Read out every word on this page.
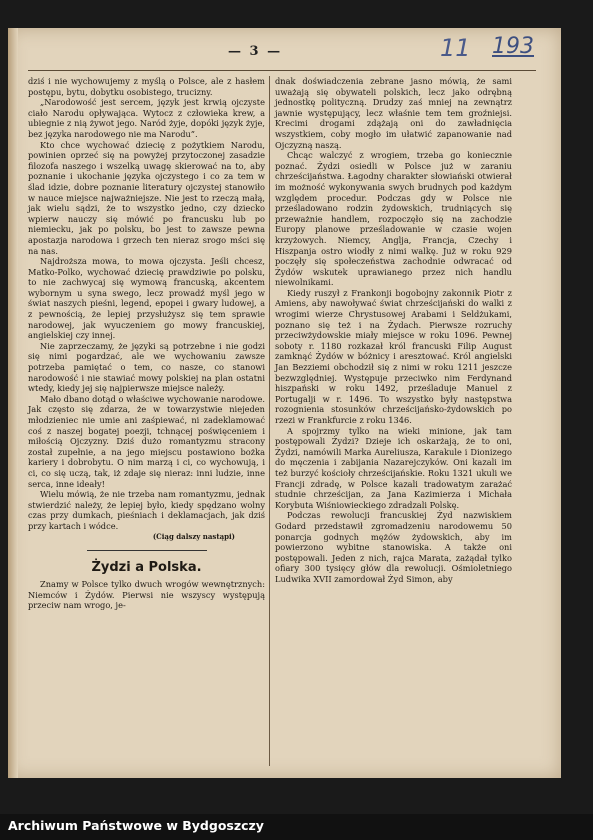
— 3 —	11 193

dziś i nie wychowujemy z myślą o Polsce, ale z hasłem postępu, bytu, dobytku osobistego, trucizny.

„Narodowość jest sercem, język jest krwią ojczyste ciało Narodu opływająca. Wytocz z człowieka krew, a ubiegnie z nią żywot jego. Naród żyje, dopóki język żyje, bez języka narodowego nie ma Narodu”.

Kto chce wychować dziecię z pożytkiem Narodu, powinien oprzeć się na powyżej przytoczonej zasadzie filozofa naszego i wszelką uwagę skierować na to, aby poznanie i ukochanie języka ojczystego i co za tem w ślad idzie, dobre poznanie literatury ojczystej stanowiło w nauce miejsce najważniejsze. Nie jest to rzeczą małą, jak wielu sądzi, że to wszystko jedno, czy dziecko wpierw nauczy się mówić po francusku lub po niemiecku, jak po polsku, bo jest to zawsze pewna apostazja narodowa i grzech ten nieraz srogo mści się na nas.

Najdroższa mowa, to mowa ojczysta. Jeśli chcesz, Matko-Polko, wychować dziecię prawdziwie po polsku, to nie zachwycaj się wymową francuską, akcentem wybornym u syna swego, lecz prowadź myśl jego w świat naszych pieśni, legend, epopei i gwary ludowej, a z pewnością, że lepiej przysłużysz się tem sprawie narodowej, jak wyuczeniem go mowy francuskiej, angielskiej czy innej.

Nie zaprzeczamy, że języki są potrzebne i nie godzi się nimi pogardzać, ale we wychowaniu zawsze potrzeba pamiętać o tem, co nasze, co stanowi narodowość i nie stawiać mowy polskiej na plan ostatni wtedy, kiedy jej się najpierwsze miejsce należy.

Mało dbano dotąd o właściwe wychowanie narodowe. Jak często się zdarza, że w towarzystwie niejeden młodzieniec nie umie ani zaśpiewać, ni zadeklamować coś z naszej bogatej poezji, tchnącej poświęceniem i miłością Ojczyzny. Dziś dużo romantyzmu stracony został zupełnie, a na jego miejscu postawiono bożka kariery i dobrobytu. O nim marzą i ci, co wychowują, i ci, co się uczą, tak, iż zdaje się nieraz: inni ludzie, inne serca, inne ideały!

Wielu mówią, że nie trzeba nam romantyzmu, jednak stwierdzić należy, że lepiej było, kiedy spędzano wolny czas przy dumkach, pieśniach i deklamacjach, jak dziś przy kartach i wódce.

(Ciąg dalszy nastąpi)
Żydzi a Polska.

Znamy w Polsce tylko dwuch wrogów wewnętrznych: Niemców i Żydów. Pierwsi nie wszyscy występują przeciw nam wrogo, je-

dnak doświadczenia zebrane jasno mówią, że sami uważają się obywateli polskich, lecz jako odrębną jednostkę polityczną. Drudzy zaś mniej na zewnątrz jawnie występujący, lecz właśnie tem tem groźniejsi. Krecimi drogami zdążają oni do zawładnięcia wszystkiem, coby mogło im ułatwić zapanowanie nad Ojczyzną naszą.

Chcąc walczyć z wrogiem, trzeba go koniecznie poznać. Żydzi osiedli w Polsce już w zaraniu chrześcijaństwa. Łagodny charakter słowiański otwierał im możność wykonywania swych brudnych pod każdym względem procedur. Podczas gdy w Polsce nie prześladowano rodzin żydowskich, trudniących się przeważnie handlem, rozpoczęło się na zachodzie Europy planowe prześladowanie w czasie wojen krzyżowych. Niemcy, Anglja, Francja, Czechy i Hiszpanja ostro wiodły z nimi walkę. Już w roku 929 poczęły się społeczeństwa zachodnie odwracać od Żydów wskutek uprawianego przez nich handlu niewolnikami.

Kiedy ruszył z Frankonji bogobojny zakonnik Piotr z Amiens, aby nawoływać świat chrześcijański do walki z wrogimi wierze Chrystusowej Arabami i Seldżukami, poznano się też i na Żydach. Pierwsze rozruchy przeciwżydowskie miały miejsce w roku 1096. Pewnej soboty r. 1180 rozkazał król francuski Filip August zamknąć Żydów w bóżnicy i aresztować. Król angielski Jan Bezziemi obchodził się z nimi w roku 1211 jeszcze bezwzględniej. Występuje przeciwko nim Ferdynand hiszpański w roku 1492, prześladuje Manuel z Portugalji w r. 1496. To wszystko były następstwa rozognienia stosunków chrześcijańsko-żydowskich po rzezi w Frankfurcie z roku 1346.

A spojrzmy tylko na wieki minione, jak tam postępowali Żydzi? Dzieje ich oskarżają, że to oni, Żydzi, namówili Marka Aureliusza, Karakule i Dionizego do męczenia i zabijania Nazarejczyków. Oni kazali im też burzyć kościoły chrześcijańskie. Roku 1321 ukuli we Francji zdradę, w Polsce kazali tradowatym zarażać studnie chrześcijan, za Jana Kazimierza i Michała Korybuta Wiśniowieckiego zdradzali Polskę.

Podczas rewolucji francuskiej Żyd nazwiskiem Godard przedstawił zgromadzeniu narodowemu 50 ponarcja godnych mężów żydowskich, aby im powierzono wybitne stanowiska. A także oni postępowali. Jeden z nich, rajca Marata, zażądał tylko ofiary 300 tysięcy głów dla rewolucji. Ośmioletniego Ludwika XVII zamordował Żyd Simon, aby

Archiwum Państwowe w Bydgoszczy
